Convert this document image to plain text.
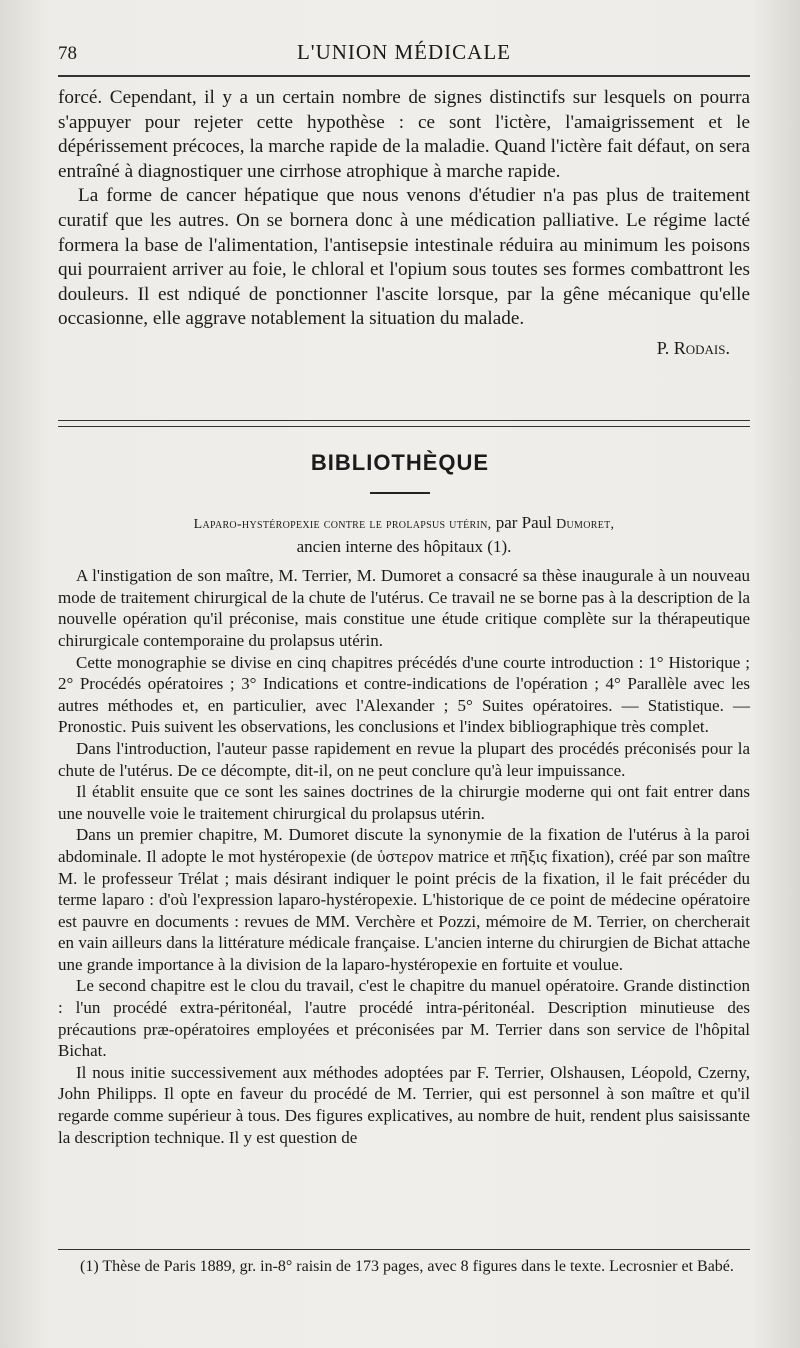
78	L'UNION MÉDICALE

forcé. Cependant, il y a un certain nombre de signes distinctifs sur lesquels on pourra s'appuyer pour rejeter cette hypothèse : ce sont l'ictère, l'amaigrissement et le dépérissement précoces, la marche rapide de la maladie. Quand l'ictère fait défaut, on sera entraîné à diagnostiquer une cirrhose atrophique à marche rapide.

La forme de cancer hépatique que nous venons d'étudier n'a pas plus de traitement curatif que les autres. On se bornera donc à une médication palliative. Le régime lacté formera la base de l'alimentation, l'antisepsie intestinale réduira au minimum les poisons qui pourraient arriver au foie, le chloral et l'opium sous toutes ses formes combattront les douleurs. Il est ndiqué de ponctionner l'ascite lorsque, par la gêne mécanique qu'elle occasionne, elle aggrave notablement la situation du malade.

P. Rodais.
BIBLIOTHÈQUE

Laparo-hystéropexie contre le prolapsus utérin, par Paul Dumoret,
ancien interne des hôpitaux (1).

A l'instigation de son maître, M. Terrier, M. Dumoret a consacré sa thèse inaugurale à un nouveau mode de traitement chirurgical de la chute de l'utérus. Ce travail ne se borne pas à la description de la nouvelle opération qu'il préconise, mais constitue une étude critique complète sur la thérapeutique chirurgicale contemporaine du prolapsus utérin.

Cette monographie se divise en cinq chapitres précédés d'une courte introduction : 1° Historique ; 2° Procédés opératoires ; 3° Indications et contre-indications de l'opération ; 4° Parallèle avec les autres méthodes et, en particulier, avec l'Alexander ; 5° Suites opératoires. — Statistique. — Pronostic. Puis suivent les observations, les conclusions et l'index bibliographique très complet.

Dans l'introduction, l'auteur passe rapidement en revue la plupart des procédés préconisés pour la chute de l'utérus. De ce décompte, dit-il, on ne peut conclure qu'à leur impuissance.

Il établit ensuite que ce sont les saines doctrines de la chirurgie moderne qui ont fait entrer dans une nouvelle voie le traitement chirurgical du prolapsus utérin.

Dans un premier chapitre, M. Dumoret discute la synonymie de la fixation de l'utérus à la paroi abdominale. Il adopte le mot hystéropexie (de ὑστερον matrice et πῆξις fixation), créé par son maître M. le professeur Trélat ; mais désirant indiquer le point précis de la fixation, il le fait précéder du terme laparo : d'où l'expression laparo-hystéropexie. L'historique de ce point de médecine opératoire est pauvre en documents : revues de MM. Verchère et Pozzi, mémoire de M. Terrier, on chercherait en vain ailleurs dans la littérature médicale française. L'ancien interne du chirurgien de Bichat attache une grande importance à la division de la laparo-hystéropexie en fortuite et voulue.

Le second chapitre est le clou du travail, c'est le chapitre du manuel opératoire. Grande distinction : l'un procédé extra-péritonéal, l'autre procédé intra-péritonéal. Description minutieuse des précautions præ-opératoires employées et préconisées par M. Terrier dans son service de l'hôpital Bichat.

Il nous initie successivement aux méthodes adoptées par F. Terrier, Olshausen, Léopold, Czerny, John Philipps. Il opte en faveur du procédé de M. Terrier, qui est personnel à son maître et qu'il regarde comme supérieur à tous. Des figures explicatives, au nombre de huit, rendent plus saisissante la description technique. Il y est question de

(1) Thèse de Paris 1889, gr. in-8° raisin de 173 pages, avec 8 figures dans le texte. Lecrosnier et Babé.
